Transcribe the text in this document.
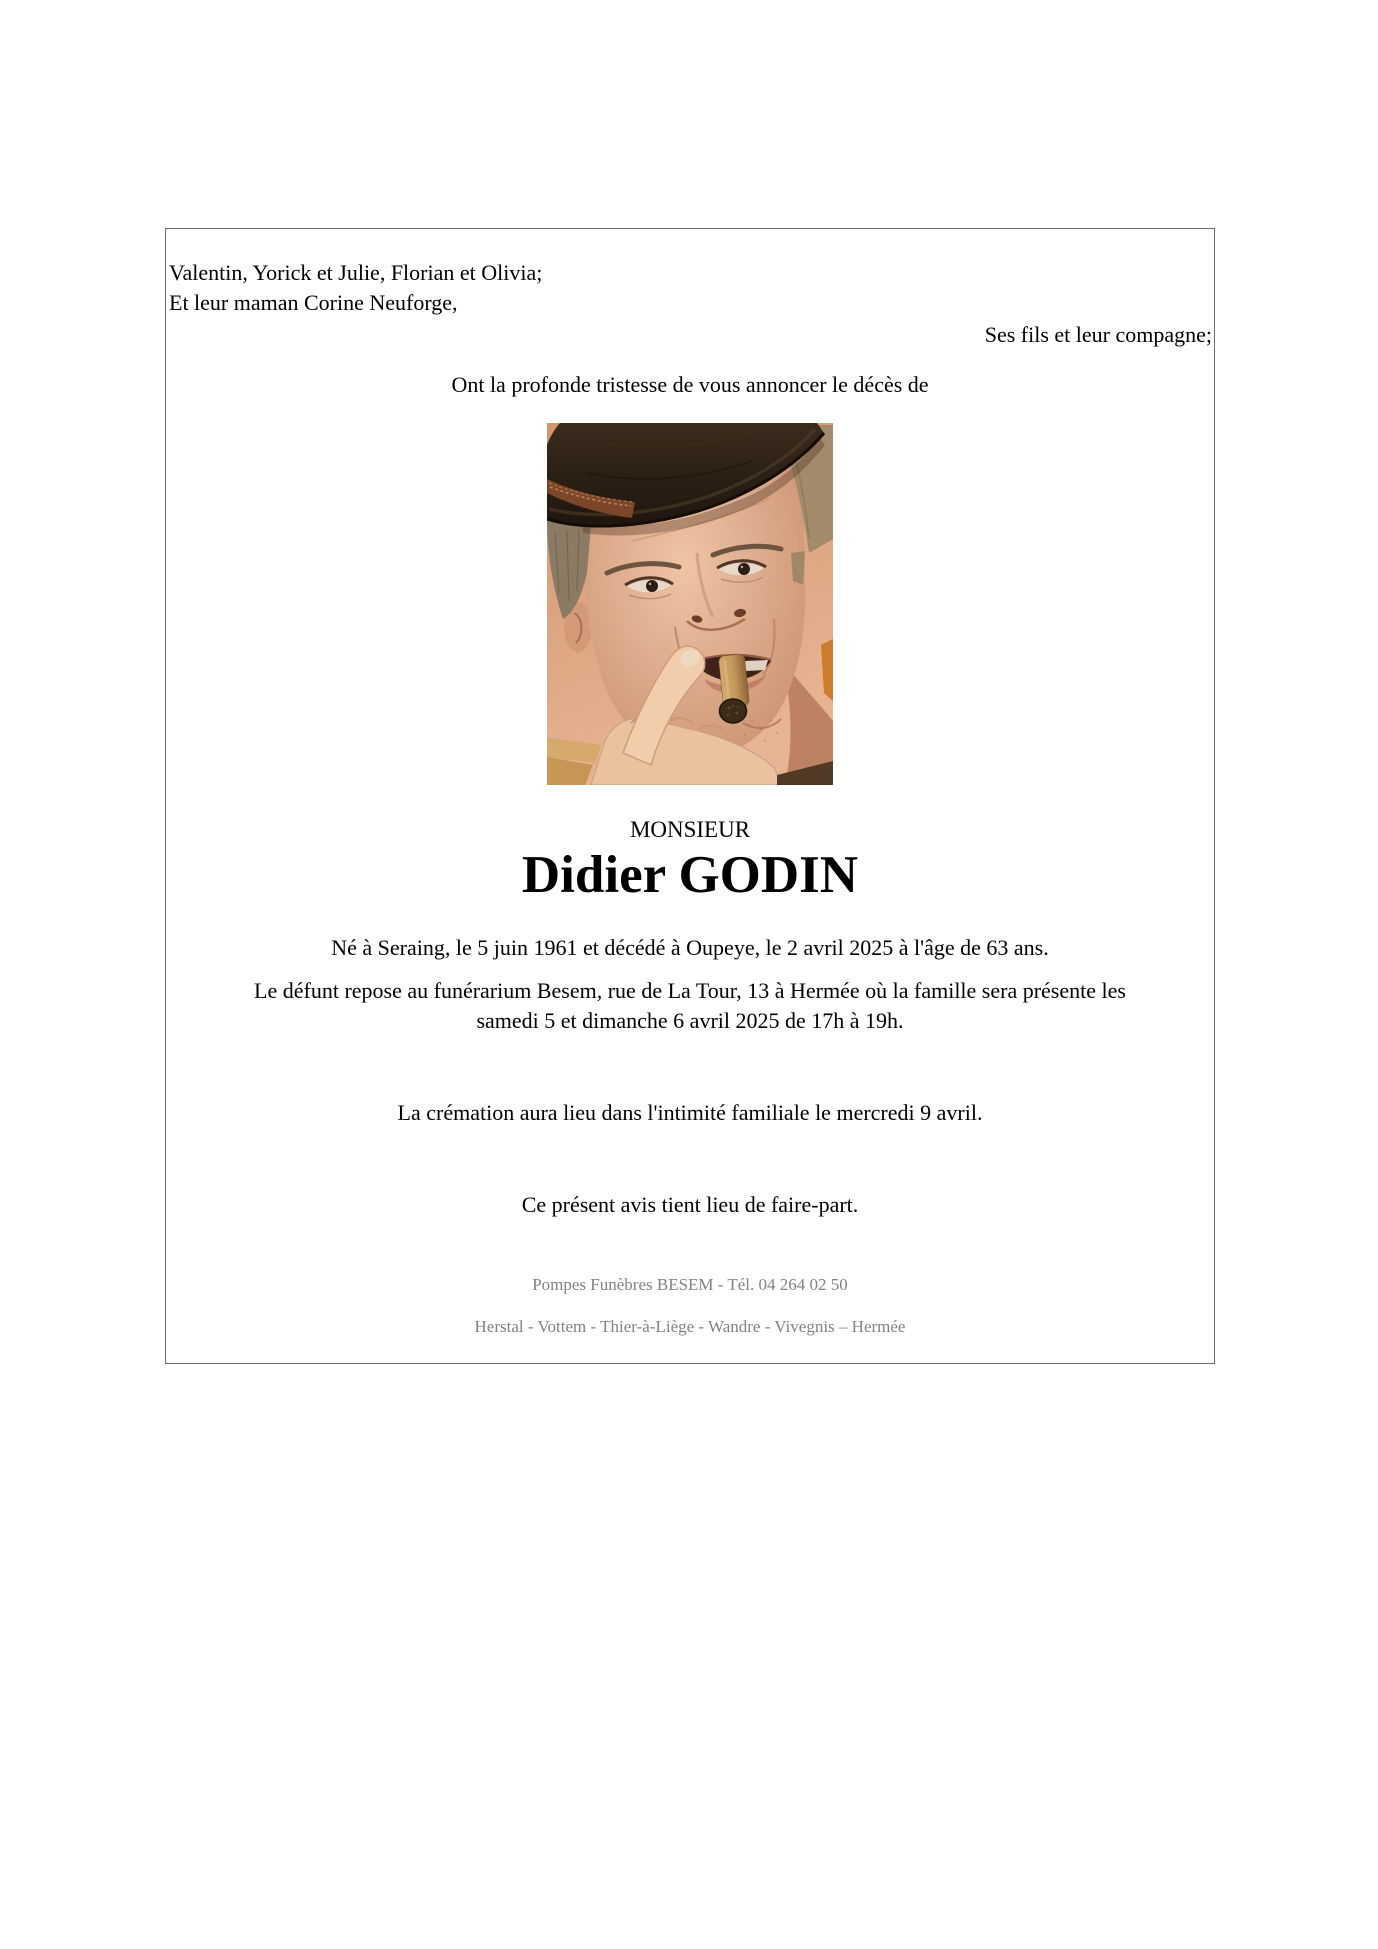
Valentin, Yorick et Julie, Florian et Olivia;
Et leur maman Corine Neuforge,
Ses fils et leur compagne;
Ont la profonde tristesse de vous annoncer le décès de
MONSIEUR
Didier GODIN
Né à Seraing, le 5 juin 1961 et décédé à Oupeye, le 2 avril 2025 à l'âge de 63 ans.
Le défunt repose au funérarium Besem, rue de La Tour, 13 à Hermée où la famille sera présente les
samedi 5 et dimanche 6 avril 2025 de 17h à 19h.
La crémation aura lieu dans l'intimité familiale le mercredi 9 avril.
Ce présent avis tient lieu de faire-part.
Pompes Funèbres BESEM - Tél. 04 264 02 50
Herstal - Vottem - Thier-à-Liège - Wandre - Vivegnis – Hermée
